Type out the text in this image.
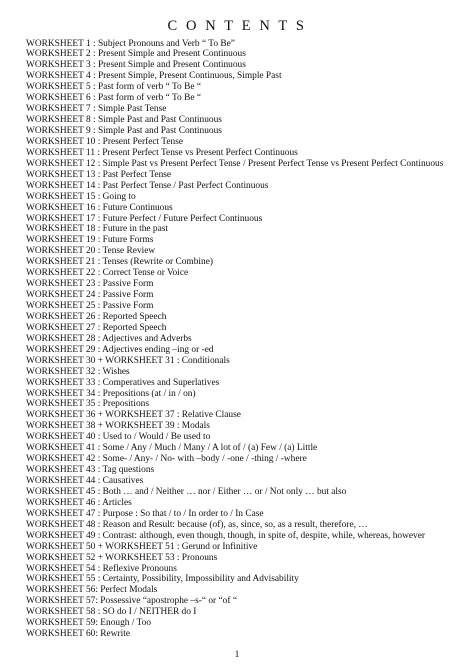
C O N T E N T S
WORKSHEET 1 : Subject Pronouns and Verb “ To Be”
WORKSHEET 2 : Present Simple and Present Continuous
WORKSHEET 3 : Present Simple and Present Continuous
WORKSHEET 4 : Present Simple, Present Continuous, Simple Past
WORKSHEET 5 : Past form of verb “ To Be “
WORKSHEET 6 : Past form of verb “ To Be “
WORKSHEET 7 : Simple Past Tense
WORKSHEET 8 : Simple Past and Past Continuous
WORKSHEET 9 : Simple Past and Past Continuous
WORKSHEET 10 : Present Perfect Tense
WORKSHEET 11 : Present Perfect Tense vs Present Perfect Continuous
WORKSHEET 12 : Simple Past vs Present Perfect Tense / Present Perfect Tense vs Present Perfect Continuous
WORKSHEET 13 : Past Perfect Tense
WORKSHEET 14 : Past Perfect Tense / Past Perfect Continuous
WORKSHEET 15 : Going to
WORKSHEET 16 : Future Continuous
WORKSHEET 17 : Future Perfect / Future Perfect Continuous
WORKSHEET 18 : Future in the past
WORKSHEET 19 : Future Forms
WORKSHEET 20 : Tense Review
WORKSHEET 21 : Tenses (Rewrite or Combine)
WORKSHEET 22 : Correct Tense or Voice
WORKSHEET 23 : Passive Form
WORKSHEET 24 : Passive Form
WORKSHEET 25 : Passive Form
WORKSHEET 26 : Reported Speech
WORKSHEET 27 : Reported Speech
WORKSHEET 28 : Adjectives and Adverbs
WORKSHEET 29 : Adjectives ending –ing or -ed
WORKSHEET 30 + WORKSHEET 31 : Conditionals
WORKSHEET 32 : Wishes
WORKSHEET 33 : Comperatives and Superlatives
WORKSHEET 34 : Prepositions (at / in / on)
WORKSHEET 35 : Prepositions
WORKSHEET 36 + WORKSHEET 37 : Relative Clause
WORKSHEET 38 + WORKSHEET 39 : Modals
WORKSHEET 40 : Used to / Would / Be used to
WORKSHEET 41 : Some / Any / Much / Many / A lot of / (a) Few / (a) Little
WORKSHEET 42 : Some- / Any- / No- with –body / -one / -thing / -where
WORKSHEET 43 : Tag questions
WORKSHEET 44 : Causatives
WORKSHEET 45 : Both … and / Neither … nor / Either … or / Not only … but also
WORKSHEET 46 : Articles
WORKSHEET 47 : Purpose : So that / to / In order to / In Case
WORKSHEET 48 : Reason and Result: because (of), as, since, so, as a result, therefore, …
WORKSHEET 49 : Contrast: although, even though, though, in spite of, despite, while, whereas, however
WORKSHEET 50 + WORKSHEET 51 : Gerund or Infinitive
WORKSHEET 52 + WORKSHEET 53 : Pronouns
WORKSHEET 54 : Reflexive Pronouns
WORKSHEET 55 : Certainty, Possibility, Impossibility and Advisability
WORKSHEET 56: Perfect Modals
WORKSHEET 57: Possessive “apostrophe –s-“ or “of “
WORKSHEET 58 : SO do I / NEITHER do I
WORKSHEET 59: Enough / Too
WORKSHEET 60: Rewrite
1
